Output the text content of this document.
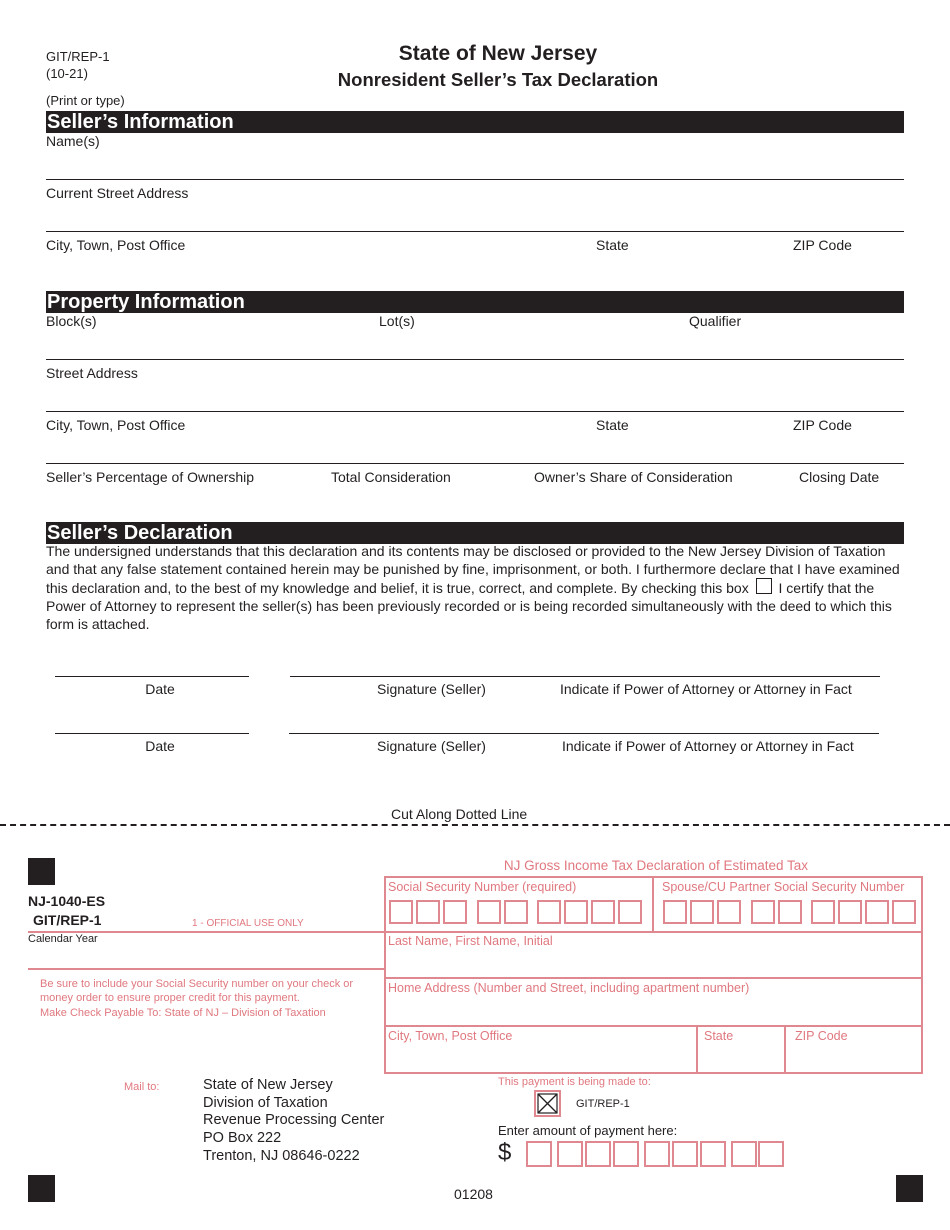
GIT/REP-1
(10-21)
State of New Jersey
Nonresident Seller’s Tax Declaration
(Print or type)
Seller’s Information
Name(s)
Current Street Address
City, Town, Post Office	State	ZIP Code
Property Information
Block(s)	Lot(s)	Qualifier
Street Address
City, Town, Post Office	State	ZIP Code
Seller’s Percentage of Ownership	Total Consideration	Owner’s Share of Consideration	Closing Date
Seller’s Declaration
The undersigned understands that this declaration and its contents may be disclosed or provided to the New Jersey Division of Taxation and that any false statement contained herein may be punished by fine, imprisonment, or both. I furthermore declare that I have examined this declaration and, to the best of my knowledge and belief, it is true, correct, and complete. By checking this box I certify that the Power of Attorney to represent the seller(s) has been previously recorded or is being recorded simultaneously with the deed to which this form is attached.
Date	Signature (Seller)	Indicate if Power of Attorney or Attorney in Fact
Date	Signature (Seller)	Indicate if Power of Attorney or Attorney in Fact
Cut Along Dotted Line
NJ-1040-ES
GIT/REP-1	1 - OFFICIAL USE ONLY
Calendar Year
Be sure to include your Social Security number on your check or money order to ensure proper credit for this payment.
Make Check Payable To: State of NJ – Division of Taxation
NJ Gross Income Tax Declaration of Estimated Tax
Social Security Number (required)	Spouse/CU Partner Social Security Number
Last Name, First Name, Initial
Home Address (Number and Street, including apartment number)
City, Town, Post Office	State	ZIP Code
Mail to:	State of New Jersey
Division of Taxation
Revenue Processing Center
PO Box 222
Trenton, NJ 08646-0222
This payment is being made to:
GIT/REP-1
Enter amount of payment here:
$
01208
